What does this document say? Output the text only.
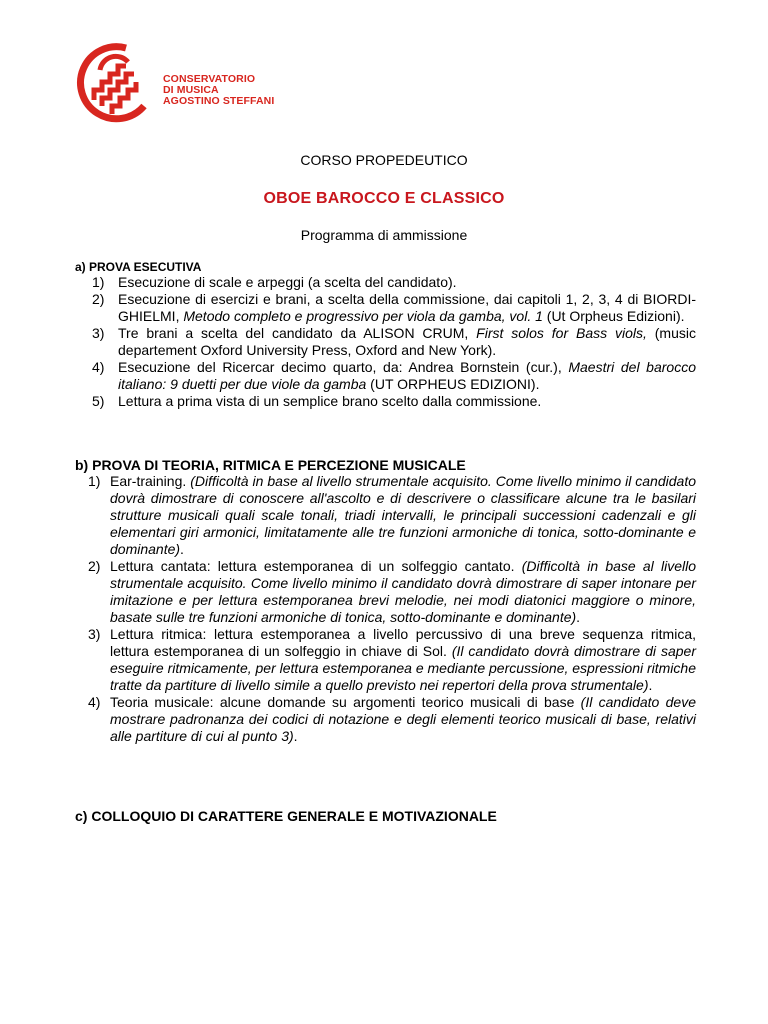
CONSERVATORIO
DI MUSICA
AGOSTINO STEFFANI
CORSO PROPEDEUTICO
OBOE BAROCCO E CLASSICO
Programma di ammissione
a) PROVA ESECUTIVA

1) Esecuzione di scale e arpeggi (a scelta del candidato).

2) Esecuzione di esercizi e brani, a scelta della commissione, dai capitoli 1, 2, 3, 4 di BIORDI-GHIELMI, Metodo completo e progressivo per viola da gamba, vol. 1 (Ut Orpheus Edizioni).

3) Tre brani a scelta del candidato da ALISON CRUM, First solos for Bass viols, (music departement Oxford University Press, Oxford and New York).

4) Esecuzione del Ricercar decimo quarto, da: Andrea Bornstein (cur.), Maestri del barocco italiano: 9 duetti per due viole da gamba (UT ORPHEUS EDIZIONI).

5) Lettura a prima vista di un semplice brano scelto dalla commissione.

b) PROVA DI TEORIA, RITMICA E PERCEZIONE MUSICALE

1) Ear-training. (Difficoltà in base al livello strumentale acquisito. Come livello minimo il candidato dovrà dimostrare di conoscere all'ascolto e di descrivere o classificare alcune tra le basilari strutture musicali quali scale tonali, triadi intervalli, le principali successioni cadenzali e gli elementari giri armonici, limitatamente alle tre funzioni armoniche di tonica, sotto-dominante e dominante).

2) Lettura cantata: lettura estemporanea di un solfeggio cantato. (Difficoltà in base al livello strumentale acquisito. Come livello minimo il candidato dovrà dimostrare di saper intonare per imitazione e per lettura estemporanea brevi melodie, nei modi diatonici maggiore o minore, basate sulle tre funzioni armoniche di tonica, sotto-dominante e dominante).

3) Lettura ritmica: lettura estemporanea a livello percussivo di una breve sequenza ritmica, lettura estemporanea di un solfeggio in chiave di Sol. (Il candidato dovrà dimostrare di saper eseguire ritmicamente, per lettura estemporanea e mediante percussione, espressioni ritmiche tratte da partiture di livello simile a quello previsto nei repertori della prova strumentale).

4) Teoria musicale: alcune domande su argomenti teorico musicali di base (Il candidato deve mostrare padronanza dei codici di notazione e degli elementi teorico musicali di base, relativi alle partiture di cui al punto 3).

c) COLLOQUIO DI CARATTERE GENERALE E MOTIVAZIONALE
